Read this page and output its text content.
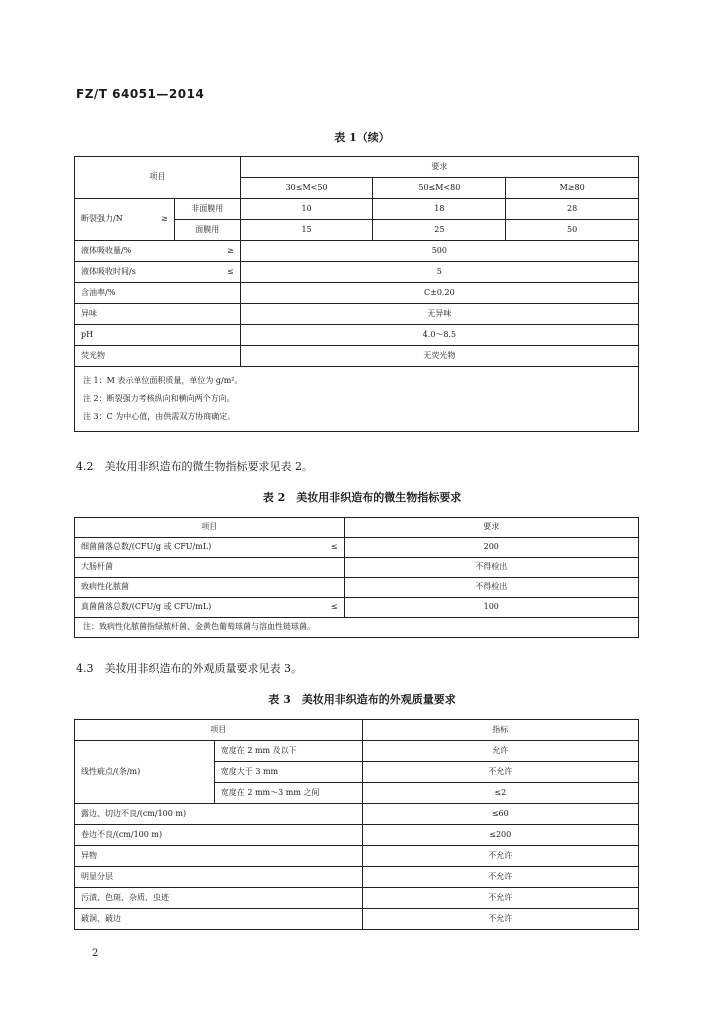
FZ/T 64051—2014
表 1（续）
项目		要求		
		30≤M<50	50≤M<80	M≥80
断裂强力/N ≥	非面膜用	10	18	28
	面膜用	15	25	50
液体吸收量/% ≥		500		
液体吸收时间/s ≤		5		
含油率/%		C±0.20		
异味		无异味		
pH		4.0～8.5		
荧光物		无荧光物		

注 1：M 表示单位面积质量，单位为 g/m²。
注 2：断裂强力考核纵向和横向两个方向。
注 3：C 为中心值，由供需双方协商确定。				
4.2　美妆用非织造布的微生物指标要求见表 2。
表 2　美妆用非织造布的微生物指标要求
项目	要求
细菌菌落总数/(CFU/g 或 CFU/mL) ≤	200
大肠杆菌	不得检出
致病性化脓菌	不得检出
真菌菌落总数/(CFU/g 或 CFU/mL) ≤	100
注：致病性化脓菌指绿脓杆菌、金黄色葡萄球菌与溶血性链球菌。	
4.3　美妆用非织造布的外观质量要求见表 3。
表 3　美妆用非织造布的外观质量要求
项目		指标
线性疵点/(条/m)	宽度在 2 mm 及以下	允许
	宽度大于 3 mm	不允许
	宽度在 2 mm～3 mm 之间	≤2
露边、切边不良/(cm/100 m)		≤60
卷边不良/(cm/100 m)		≤200
异物		不允许
明显分层		不允许
污渍、色斑、杂质、虫迹		不允许
破洞、破边		不允许
2
